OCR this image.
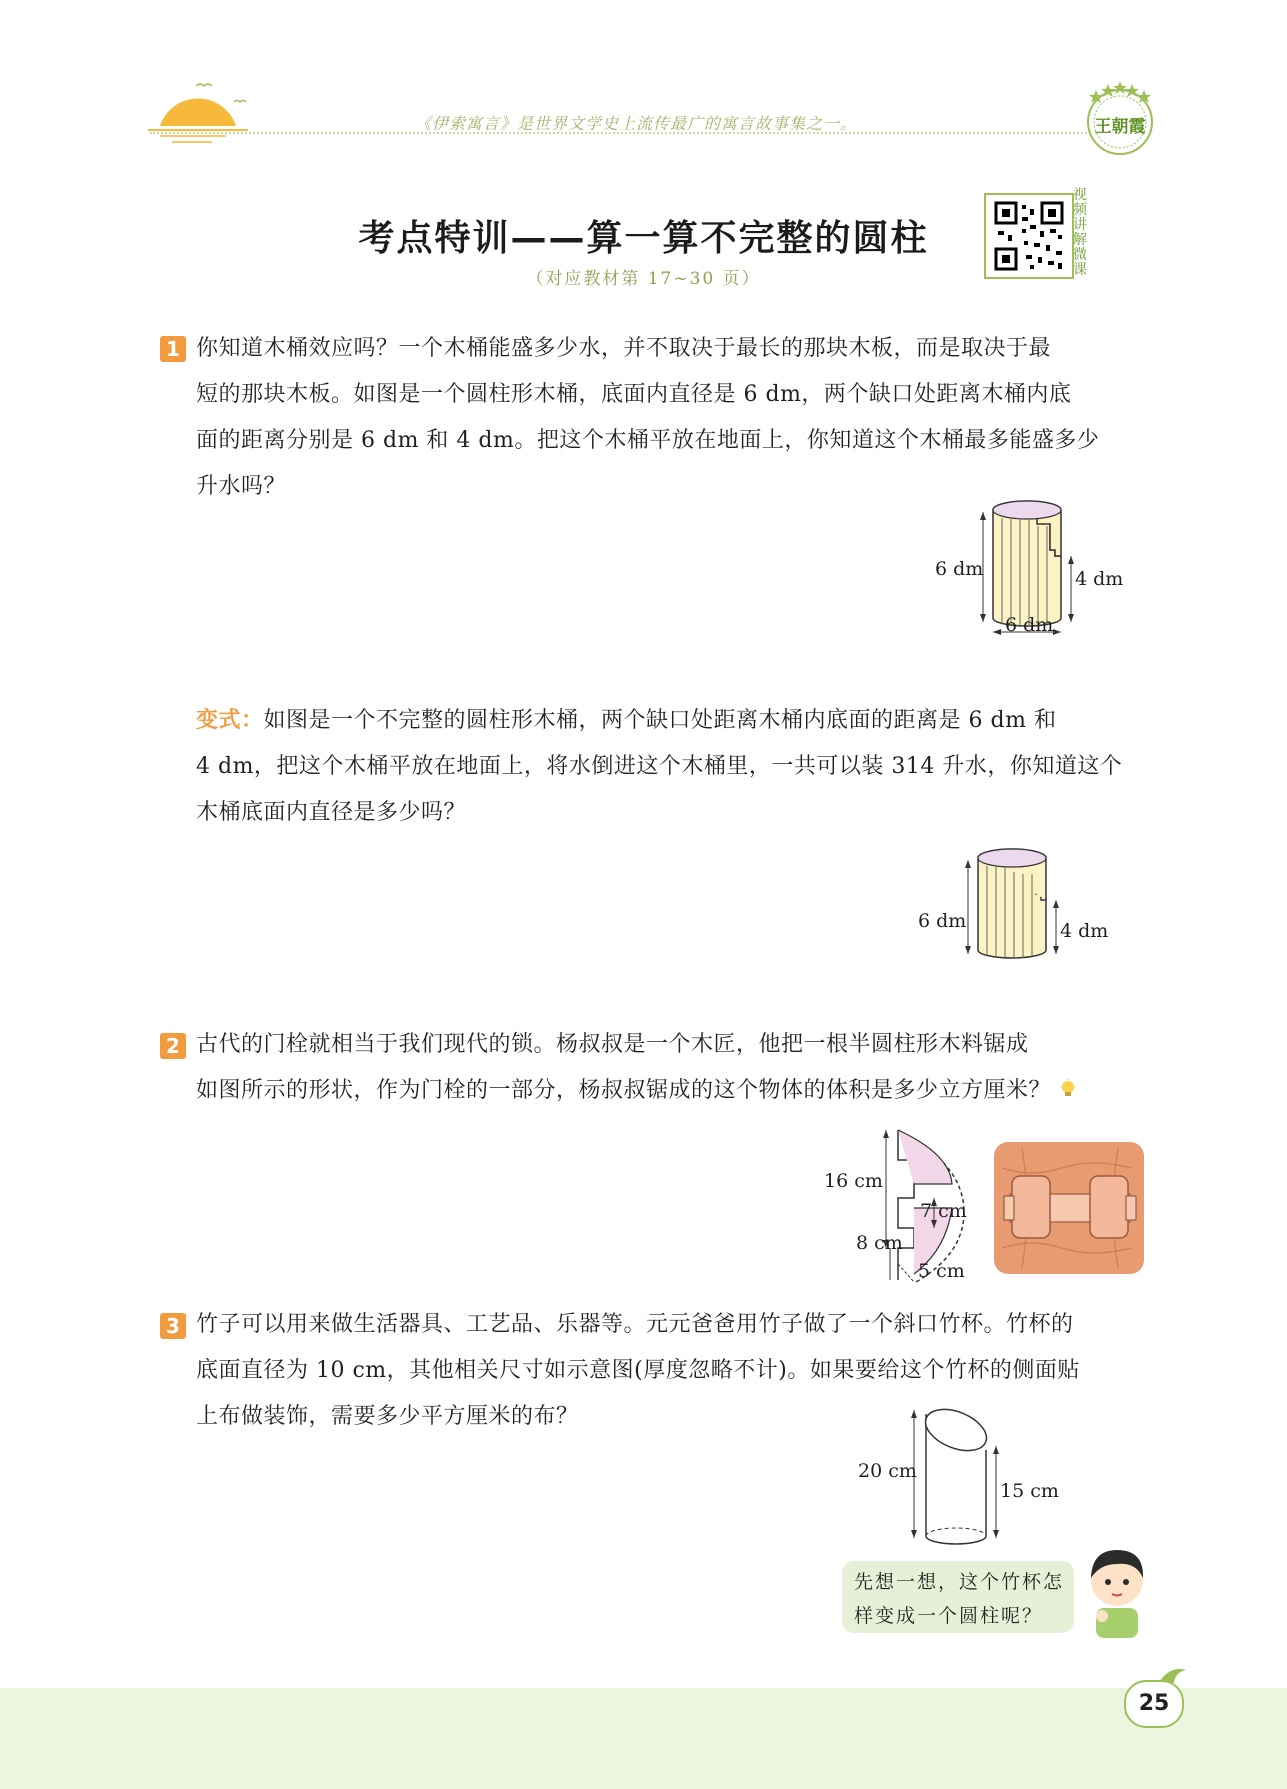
《伊索寓言》是世界文学史上流传最广的寓言故事集之一。	王朝霞
考点特训——算一算不完整的圆柱
（对应教材第 17~30 页）
视频讲解微课
1 你知道木桶效应吗？一个木桶能盛多少水，并不取决于最长的那块木板，而是取决于最
短的那块木板。如图是一个圆柱形木桶，底面内直径是 6 dm，两个缺口处距离木桶内底
面的距离分别是 6 dm 和 4 dm。把这个木桶平放在地面上，你知道这个木桶最多能盛多少
升水吗？
6 dm	4 dm
6 dm
变式：如图是一个不完整的圆柱形木桶，两个缺口处距离木桶内底面的距离是 6 dm 和
4 dm，把这个木桶平放在地面上，将水倒进这个木桶里，一共可以装 314 升水，你知道这个
木桶底面内直径是多少吗？
6 dm	4 dm
2 古代的门栓就相当于我们现代的锁。杨叔叔是一个木匠，他把一根半圆柱形木料锯成
如图所示的形状，作为门栓的一部分，杨叔叔锯成的这个物体的体积是多少立方厘米？
16 cm
7 cm
8 cm
5 cm
3 竹子可以用来做生活器具、工艺品、乐器等。元元爸爸用竹子做了一个斜口竹杯。竹杯的
底面直径为 10 cm，其他相关尺寸如示意图(厚度忽略不计)。如果要给这个竹杯的侧面贴
上布做装饰，需要多少平方厘米的布？
20 cm
15 cm
先想一想，这个竹杯怎
样变成一个圆柱呢？
25
